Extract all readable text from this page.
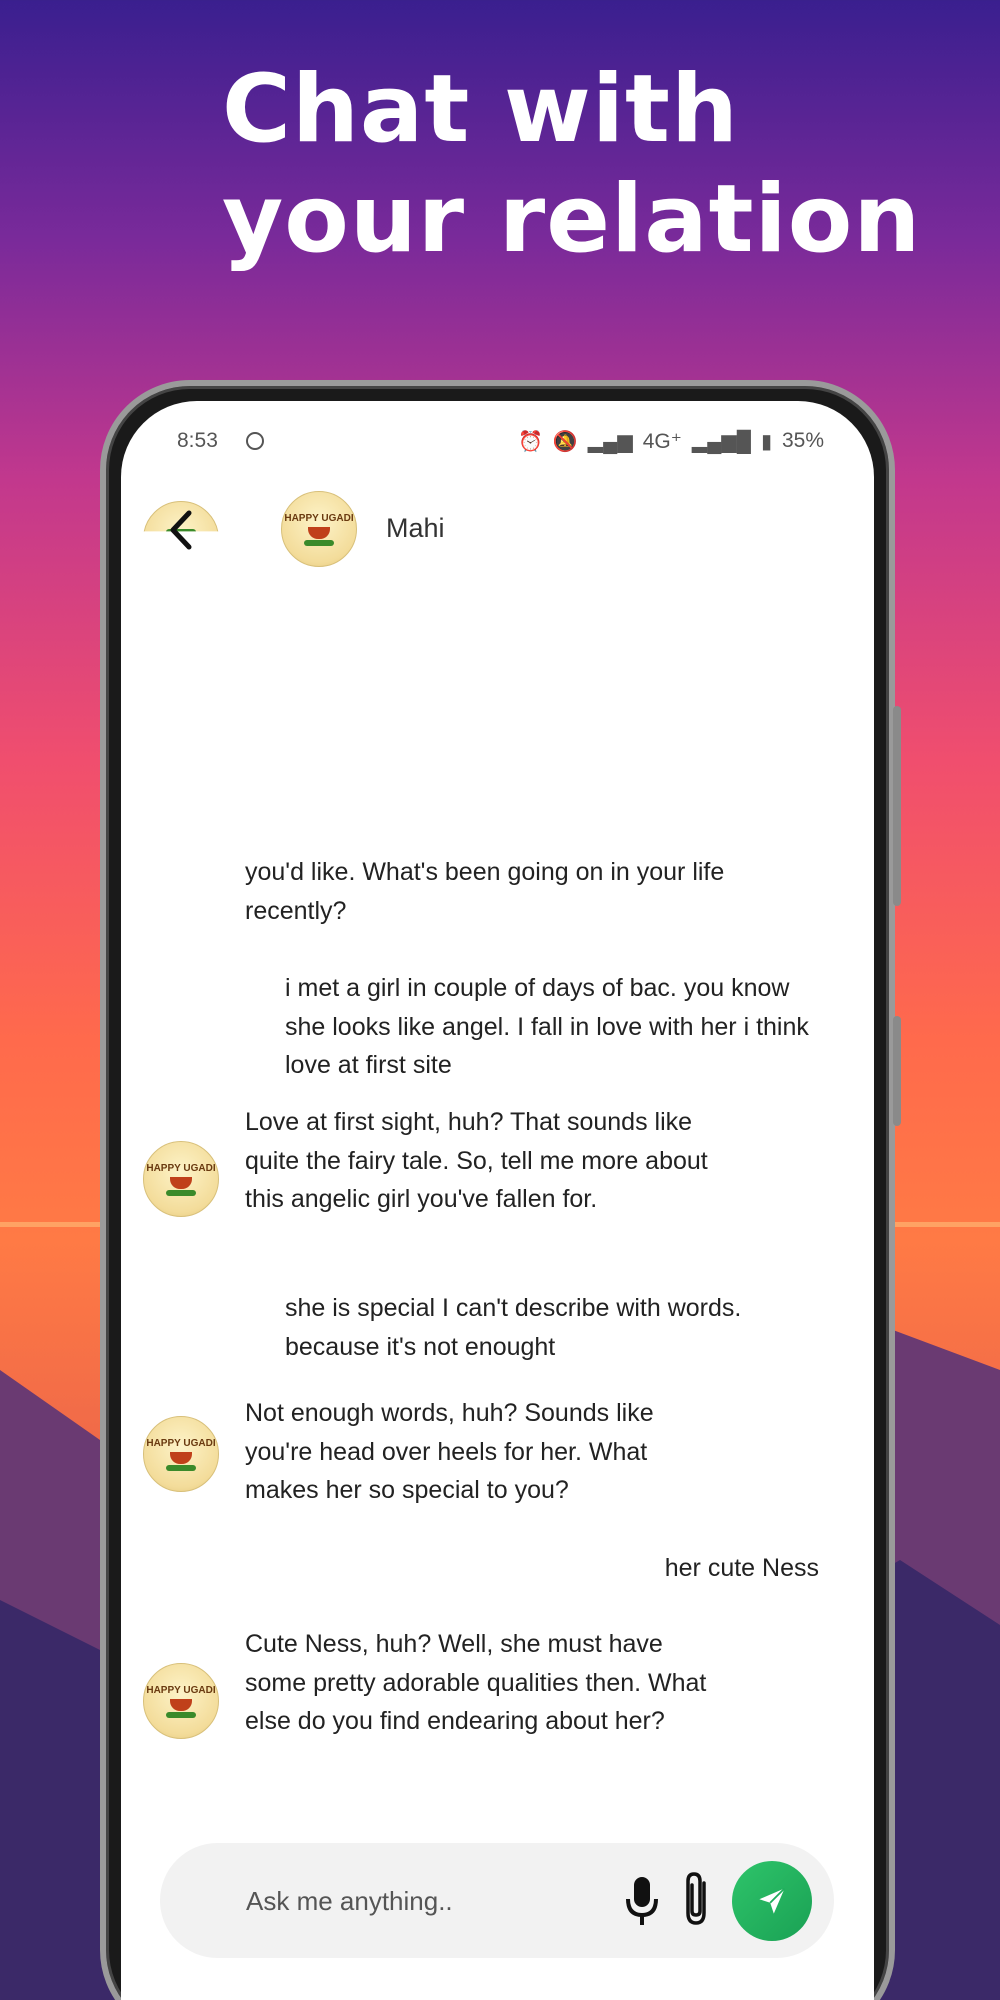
Chat with your relation
8:53	⏰ 🔕 ▂▄▆ 4G⁺ ▂▄▆█ ▮ 35%
you'd like. What's been going on in your life recently?
i met a girl in couple of days of bac. you know she looks like angel. I fall in love with her i think love at first site
HAPPY UGADI
Love at first sight, huh? That sounds like quite the fairy tale. So, tell me more about this angelic girl you've fallen for.
she is special I can't describe with words. because it's not enought
HAPPY UGADI
Not enough words, huh? Sounds like you're head over heels for her. What makes her so special to you?
her cute Ness
HAPPY UGADI
Cute Ness, huh? Well, she must have some pretty adorable qualities then. What else do you find endearing about her?
HAPPY UGADI Mahi
Ask me anything..
